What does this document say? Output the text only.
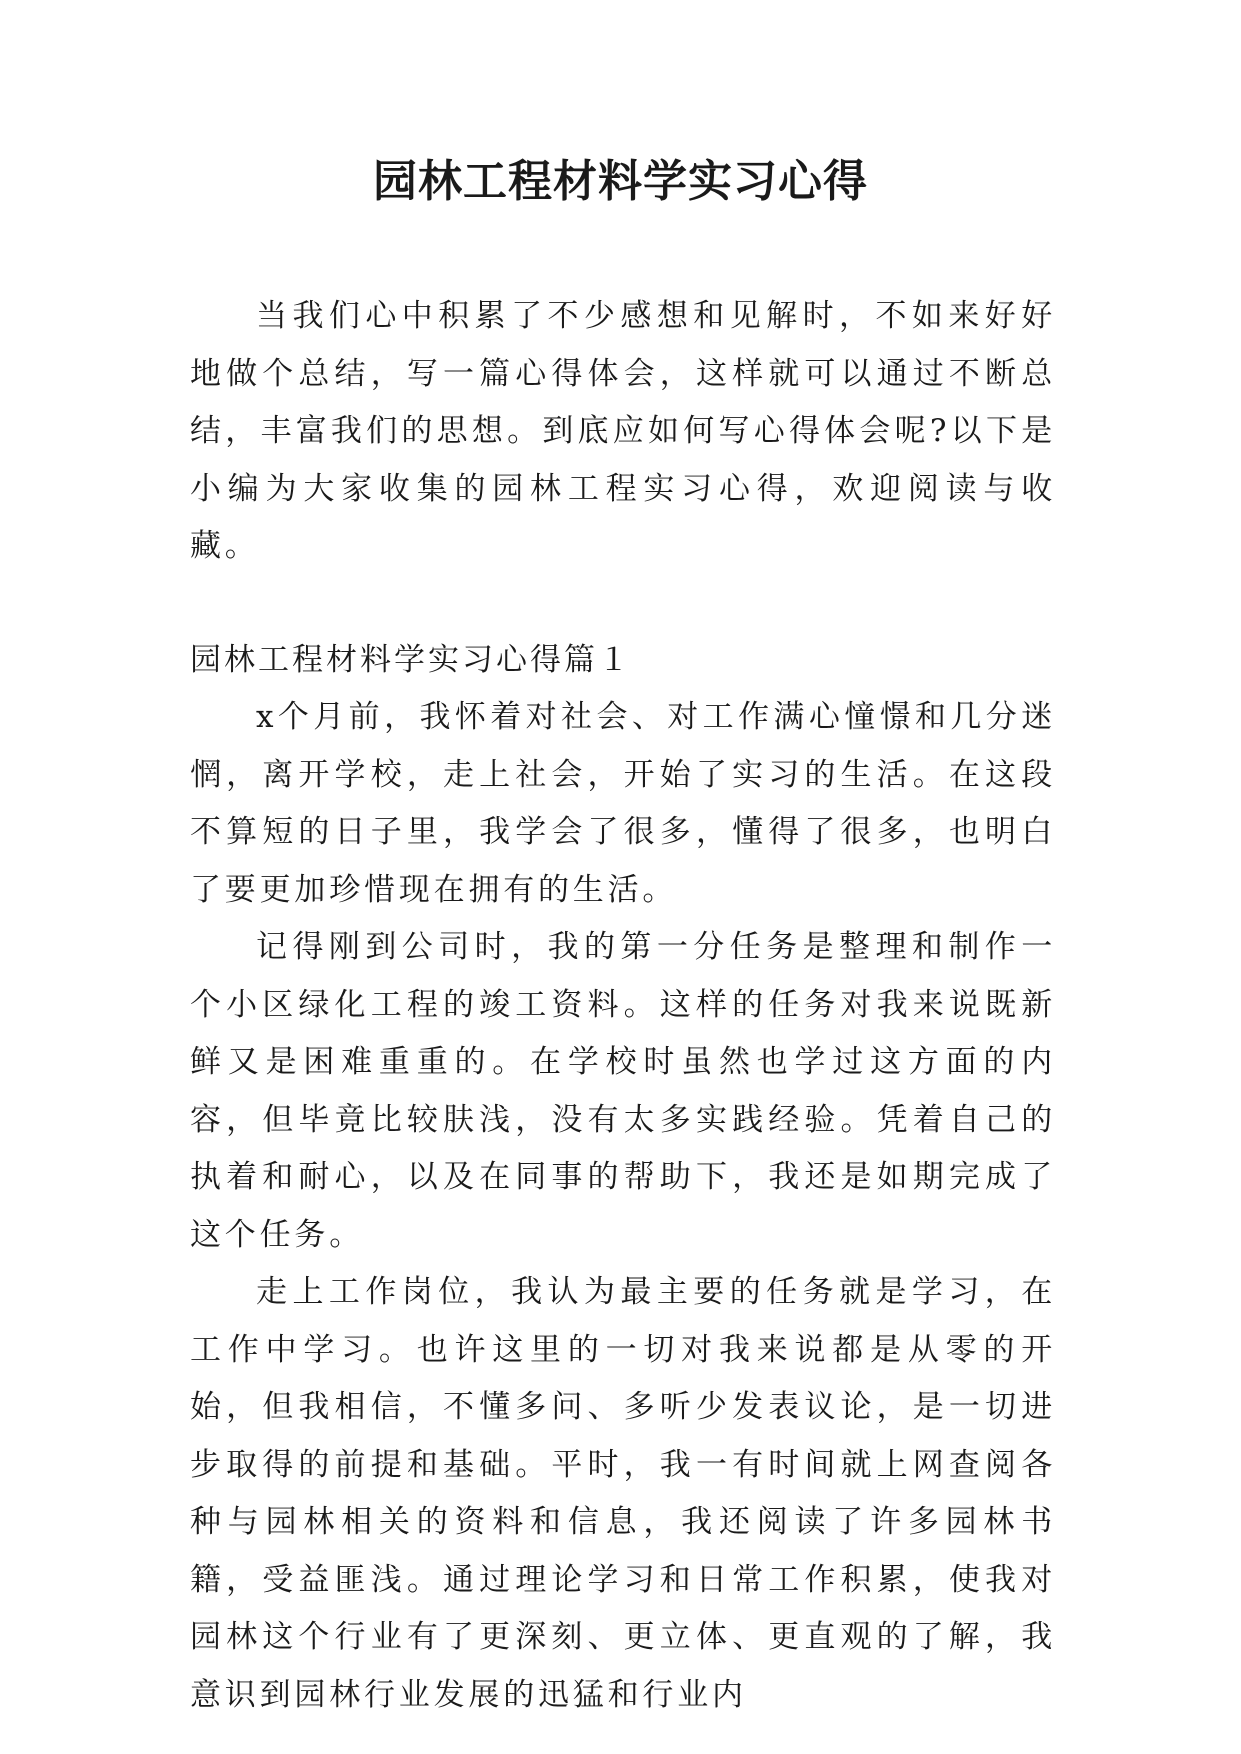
园林工程材料学实习心得

当我们心中积累了不少感想和见解时，不如来好好地做个总结，写一篇心得体会，这样就可以通过不断总结，丰富我们的思想。到底应如何写心得体会呢?以下是小编为大家收集的园林工程实习心得，欢迎阅读与收藏。

园林工程材料学实习心得篇１

x个月前，我怀着对社会、对工作满心憧憬和几分迷惘，离开学校，走上社会，开始了实习的生活。在这段不算短的日子里，我学会了很多，懂得了很多，也明白了要更加珍惜现在拥有的生活。

记得刚到公司时，我的第一分任务是整理和制作一个小区绿化工程的竣工资料。这样的任务对我来说既新鲜又是困难重重的。在学校时虽然也学过这方面的内容，但毕竟比较肤浅，没有太多实践经验。凭着自己的执着和耐心，以及在同事的帮助下，我还是如期完成了这个任务。

走上工作岗位，我认为最主要的任务就是学习，在工作中学习。也许这里的一切对我来说都是从零的开始，但我相信，不懂多问、多听少发表议论，是一切进步取得的前提和基础。平时，我一有时间就上网查阅各种与园林相关的资料和信息，我还阅读了许多园林书籍，受益匪浅。通过理论学习和日常工作积累，使我对园林这个行业有了更深刻、更立体、更直观的了解，我意识到园林行业发展的迅猛和行业内
